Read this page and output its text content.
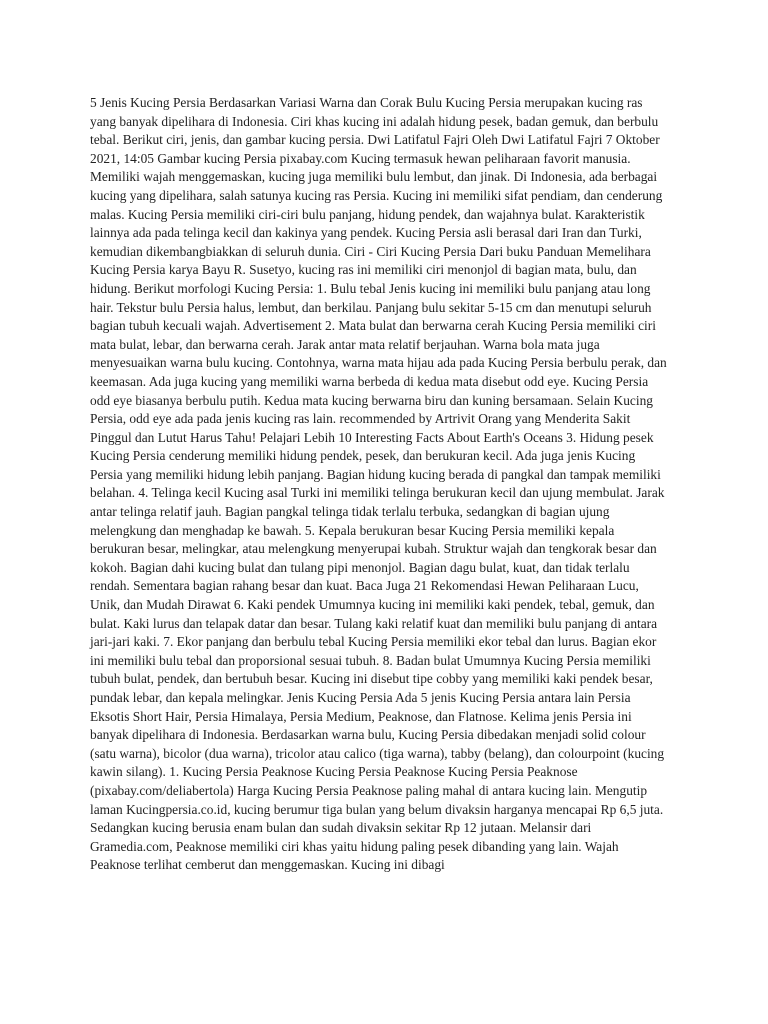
5 Jenis Kucing Persia Berdasarkan Variasi Warna dan Corak Bulu Kucing Persia merupakan kucing ras yang banyak dipelihara di Indonesia. Ciri khas kucing ini adalah hidung pesek, badan gemuk, dan berbulu tebal. Berikut ciri, jenis, dan gambar kucing persia. Dwi Latifatul Fajri Oleh Dwi Latifatul Fajri 7 Oktober 2021, 14:05 Gambar kucing Persia pixabay.com Kucing termasuk hewan peliharaan favorit manusia. Memiliki wajah menggemaskan, kucing juga memiliki bulu lembut, dan jinak. Di Indonesia, ada berbagai kucing yang dipelihara, salah satunya kucing ras Persia. Kucing ini memiliki sifat pendiam, dan cenderung malas. Kucing Persia memiliki ciri-ciri bulu panjang, hidung pendek, dan wajahnya bulat. Karakteristik lainnya ada pada telinga kecil dan kakinya yang pendek. Kucing Persia asli berasal dari Iran dan Turki, kemudian dikembangbiakkan di seluruh dunia. Ciri - Ciri Kucing Persia Dari buku Panduan Memelihara Kucing Persia karya Bayu R. Susetyo, kucing ras ini memiliki ciri menonjol di bagian mata, bulu, dan hidung. Berikut morfologi Kucing Persia: 1. Bulu tebal Jenis kucing ini memiliki bulu panjang atau long hair. Tekstur bulu Persia halus, lembut, dan berkilau. Panjang bulu sekitar 5-15 cm dan menutupi seluruh bagian tubuh kecuali wajah. Advertisement 2. Mata bulat dan berwarna cerah Kucing Persia memiliki ciri mata bulat, lebar, dan berwarna cerah. Jarak antar mata relatif berjauhan. Warna bola mata juga menyesuaikan warna bulu kucing. Contohnya, warna mata hijau ada pada Kucing Persia berbulu perak, dan keemasan. Ada juga kucing yang memiliki warna berbeda di kedua mata disebut odd eye. Kucing Persia odd eye biasanya berbulu putih. Kedua mata kucing berwarna biru dan kuning bersamaan. Selain Kucing Persia, odd eye ada pada jenis kucing ras lain. recommended by Artrivit Orang yang Menderita Sakit Pinggul dan Lutut Harus Tahu! Pelajari Lebih 10 Interesting Facts About Earth's Oceans 3. Hidung pesek Kucing Persia cenderung memiliki hidung pendek, pesek, dan berukuran kecil. Ada juga jenis Kucing Persia yang memiliki hidung lebih panjang. Bagian hidung kucing berada di pangkal dan tampak memiliki belahan. 4. Telinga kecil Kucing asal Turki ini memiliki telinga berukuran kecil dan ujung membulat. Jarak antar telinga relatif jauh. Bagian pangkal telinga tidak terlalu terbuka, sedangkan di bagian ujung melengkung dan menghadap ke bawah. 5. Kepala berukuran besar Kucing Persia memiliki kepala berukuran besar, melingkar, atau melengkung menyerupai kubah. Struktur wajah dan tengkorak besar dan kokoh. Bagian dahi kucing bulat dan tulang pipi menonjol. Bagian dagu bulat, kuat, dan tidak terlalu rendah. Sementara bagian rahang besar dan kuat. Baca Juga 21 Rekomendasi Hewan Peliharaan Lucu, Unik, dan Mudah Dirawat 6. Kaki pendek Umumnya kucing ini memiliki kaki pendek, tebal, gemuk, dan bulat. Kaki lurus dan telapak datar dan besar. Tulang kaki relatif kuat dan memiliki bulu panjang di antara jari-jari kaki. 7. Ekor panjang dan berbulu tebal Kucing Persia memiliki ekor tebal dan lurus. Bagian ekor ini memiliki bulu tebal dan proporsional sesuai tubuh. 8. Badan bulat Umumnya Kucing Persia memiliki tubuh bulat, pendek, dan bertubuh besar. Kucing ini disebut tipe cobby yang memiliki kaki pendek besar, pundak lebar, dan kepala melingkar. Jenis Kucing Persia Ada 5 jenis Kucing Persia antara lain Persia Eksotis Short Hair, Persia Himalaya, Persia Medium, Peaknose, dan Flatnose. Kelima jenis Persia ini banyak dipelihara di Indonesia. Berdasarkan warna bulu, Kucing Persia dibedakan menjadi solid colour (satu warna), bicolor (dua warna), tricolor atau calico (tiga warna), tabby (belang), dan colourpoint (kucing kawin silang). 1. Kucing Persia Peaknose Kucing Persia Peaknose Kucing Persia Peaknose (pixabay.com/deliabertola) Harga Kucing Persia Peaknose paling mahal di antara kucing lain. Mengutip laman Kucingpersia.co.id, kucing berumur tiga bulan yang belum divaksin harganya mencapai Rp 6,5 juta. Sedangkan kucing berusia enam bulan dan sudah divaksin sekitar Rp 12 jutaan. Melansir dari Gramedia.com, Peaknose memiliki ciri khas yaitu hidung paling pesek dibanding yang lain. Wajah Peaknose terlihat cemberut dan menggemaskan. Kucing ini dibagi
